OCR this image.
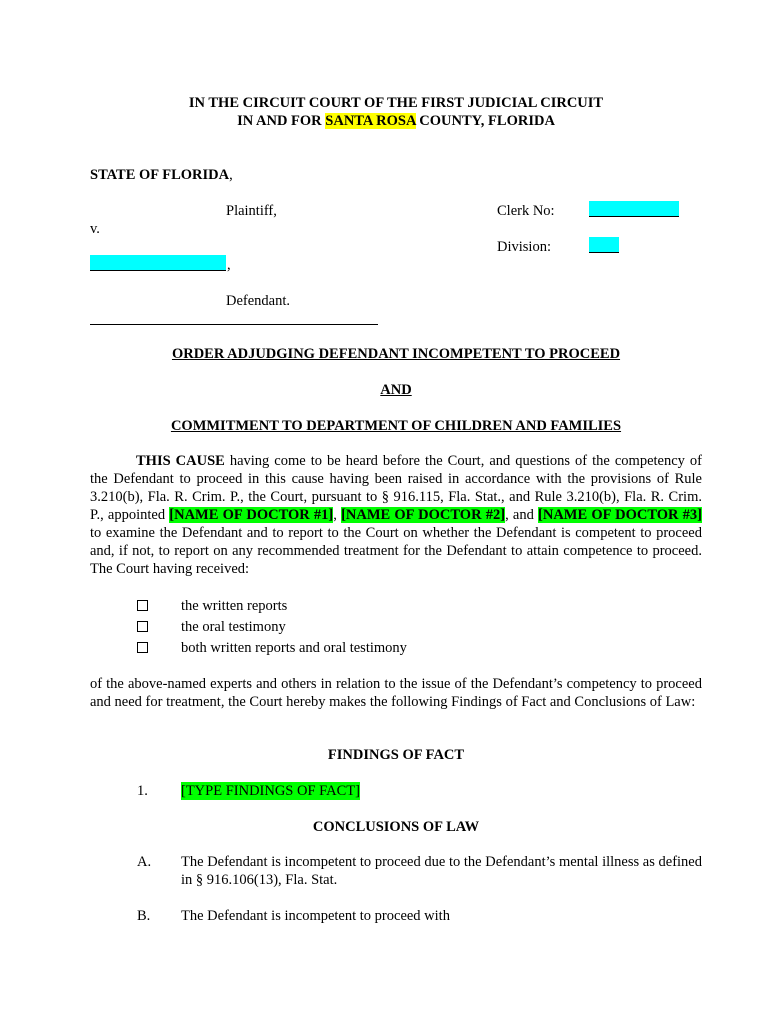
IN THE CIRCUIT COURT OF THE FIRST JUDICIAL CIRCUIT
IN AND FOR SANTA ROSA COUNTY, FLORIDA
STATE OF FLORIDA,
Plaintiff,
v.
,
Defendant.
Clerk No:
Division:
ORDER ADJUDGING DEFENDANT INCOMPETENT TO PROCEED
AND
COMMITMENT TO DEPARTMENT OF CHILDREN AND FAMILIES
THIS CAUSE having come to be heard before the Court, and questions of the competency of the Defendant to proceed in this cause having been raised in accordance with the provisions of Rule 3.210(b), Fla. R. Crim. P., the Court, pursuant to § 916.115, Fla. Stat., and Rule 3.210(b), Fla. R. Crim. P., appointed [NAME OF DOCTOR #1], [NAME OF DOCTOR #2], and [NAME OF DOCTOR #3] to examine the Defendant and to report to the Court on whether the Defendant is competent to proceed and, if not, to report on any recommended treatment for the Defendant to attain competence to proceed. The Court having received:
the written reports
the oral testimony
both written reports and oral testimony
of the above-named experts and others in relation to the issue of the Defendant’s competency to proceed and need for treatment, the Court hereby makes the following Findings of Fact and Conclusions of Law:
FINDINGS OF FACT
1. [TYPE FINDINGS OF FACT]
CONCLUSIONS OF LAW
A. The Defendant is incompetent to proceed due to the Defendant’s mental illness as defined in § 916.106(13), Fla. Stat.
B. The Defendant is incompetent to proceed with
